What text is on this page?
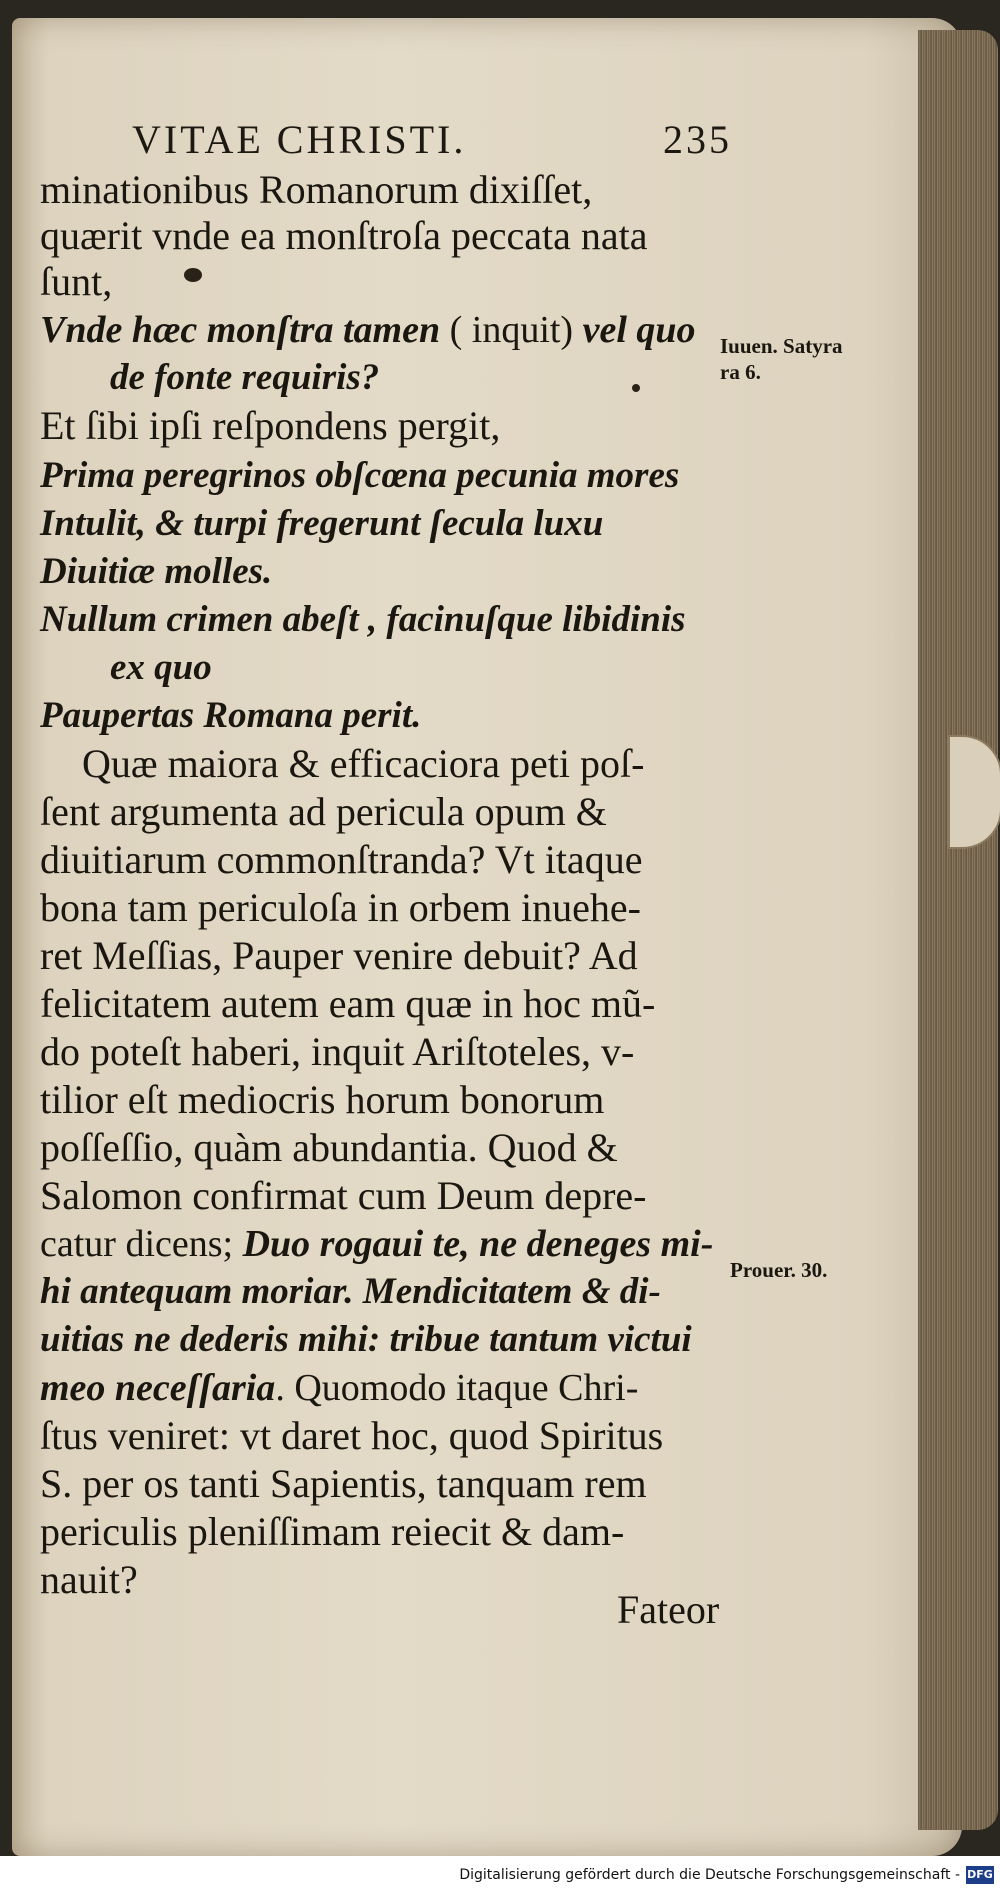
VITAE CHRISTI.	235
minationibus Romanorum dixiſſet,
quærit vnde ea monſtroſa peccata nata
ſunt,
Vnde hæc monſtra tamen ( inquit) vel quo
de fonte requiris?
Et ſibi ipſi reſpondens pergit,
Prima peregrinos obſcœna pecunia mores
Intulit, & turpi fregerunt ſecula luxu
Diuitiæ molles.
Nullum crimen abeſt , facinuſque libidinis
ex quo
Paupertas Romana perit.
Quæ maiora & efficaciora peti poſ-
ſent argumenta ad pericula opum &
diuitiarum commonſtranda? Vt itaque
bona tam periculoſa in orbem inuehe-
ret Meſſias, Pauper venire debuit? Ad
felicitatem autem eam quæ in hoc mũ-
do poteſt haberi, inquit Ariſtoteles, v-
tilior eſt mediocris horum bonorum
poſſeſſio, quàm abundantia. Quod &
Salomon confirmat cum Deum depre-
catur dicens; Duo rogaui te, ne deneges mi-
hi antequam moriar. Mendicitatem & di-
uitias ne dederis mihi: tribue tantum victui
meo neceſſaria. Quomodo itaque Chri-
ſtus veniret: vt daret hoc, quod Spiritus
S. per os tanti Sapientis, tanquam rem
periculis pleniſſimam reiecit & dam-
nauit?
Iuuen. Satyra
ra 6.
Prouer. 30.
Fateor
Digitalisierung gefördert durch die Deutsche Forschungsgemeinschaft - DFG
